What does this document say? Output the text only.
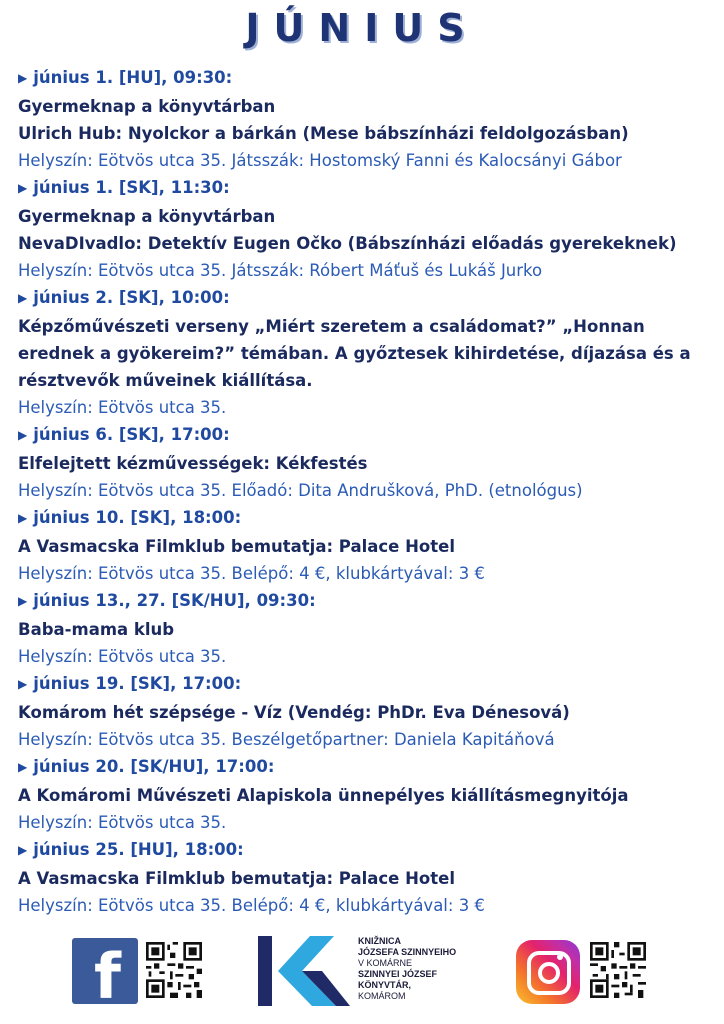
JÚNIUS
▶ június 1. [HU], 09:30:
Gyermeknap a könyvtárban
Ulrich Hub: Nyolckor a bárkán (Mese bábszínházi feldolgozásban)
Helyszín: Eötvös utca 35. Játsszák: Hostomský Fanni és Kalocsányi Gábor
▶ június 1. [SK], 11:30:
Gyermeknap a könyvtárban
NevaDIvadlo: Detektív Eugen Očko (Bábszínházi előadás gyerekeknek)
Helyszín: Eötvös utca 35. Játsszák: Róbert Máťuš és Lukáš Jurko
▶ június 2. [SK], 10:00:
Képzőművészeti verseny „Miért szeretem a családomat?” „Honnan erednek a gyökereim?” témában. A győztesek kihirdetése, díjazása és a résztvevők műveinek kiállítása.
Helyszín: Eötvös utca 35.
▶ június 6. [SK], 17:00:
Elfelejtett kézművességek: Kékfestés
Helyszín: Eötvös utca 35. Előadó: Dita Andrušková, PhD. (etnológus)
▶ június 10. [SK], 18:00:
A Vasmacska Filmklub bemutatja: Palace Hotel
Helyszín: Eötvös utca 35. Belépő: 4 €, klubkártyával: 3 €
▶ június 13., 27. [SK/HU], 09:30:
Baba-mama klub
Helyszín: Eötvös utca 35.
▶ június 19. [SK], 17:00:
Komárom hét szépsége - Víz (Vendég: PhDr. Eva Dénesová)
Helyszín: Eötvös utca 35. Beszélgetőpartner: Daniela Kapitáňová
▶ június 20. [SK/HU], 17:00:
A Komáromi Művészeti Alapiskola ünnepélyes kiállításmegnyitója
Helyszín: Eötvös utca 35.
▶ június 25. [HU], 18:00:
A Vasmacska Filmklub bemutatja: Palace Hotel
Helyszín: Eötvös utca 35. Belépő: 4 €, klubkártyával: 3 €
f	KNIŽNICA
JÓZSEFA SZINNYEIHO
V KOMÁRNE
SZINNYEI JÓZSEF
KÖNYVTÁR,
KOMÁROM
